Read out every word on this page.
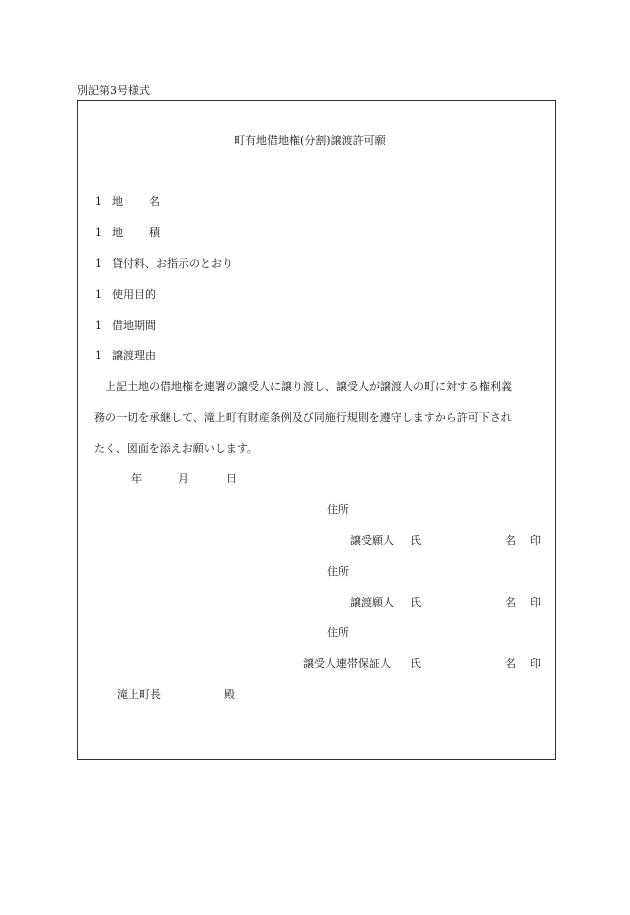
別記第3号様式
町有地借地権(分割)譲渡許可願
1 地名
1 地積
1 貸付料、お指示のとおり
1 使用目的
1 借地期間
1 譲渡理由
上記土地の借地権を連署の譲受人に譲り渡し、譲受人が譲渡人の町に対する権利義
務の一切を承継して、滝上町有財産条例及び同施行規則を遵守しますから許可下され
たく、図面を添えお願いします。
年	月	日
住所
譲受願人 氏	名 印
住所
譲渡願人 氏	名 印
住所
譲受人連帯保証人 氏	名 印
滝上町長	殿
